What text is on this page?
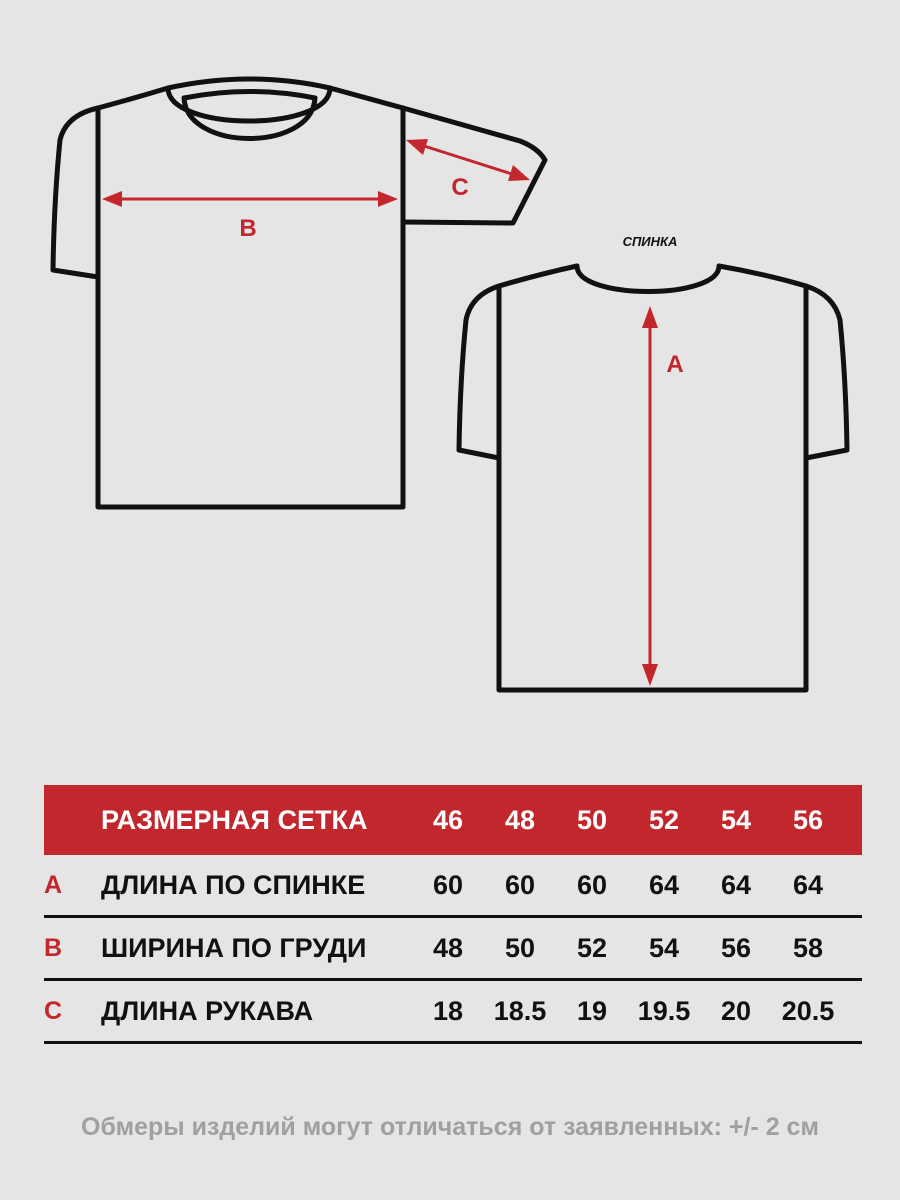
B
C
A
СПИНКА
РАЗМЕРНАЯ СЕТКА	46	48	50	52	54	56
A ДЛИНА ПО СПИНКЕ	60	60	60	64	64	64
B ШИРИНА ПО ГРУДИ	48	50	52	54	56	58
C ДЛИНА РУКАВА	18	18.5	19	19.5	20	20.5
Обмеры изделий могут отличаться от заявленных: +/- 2 см
